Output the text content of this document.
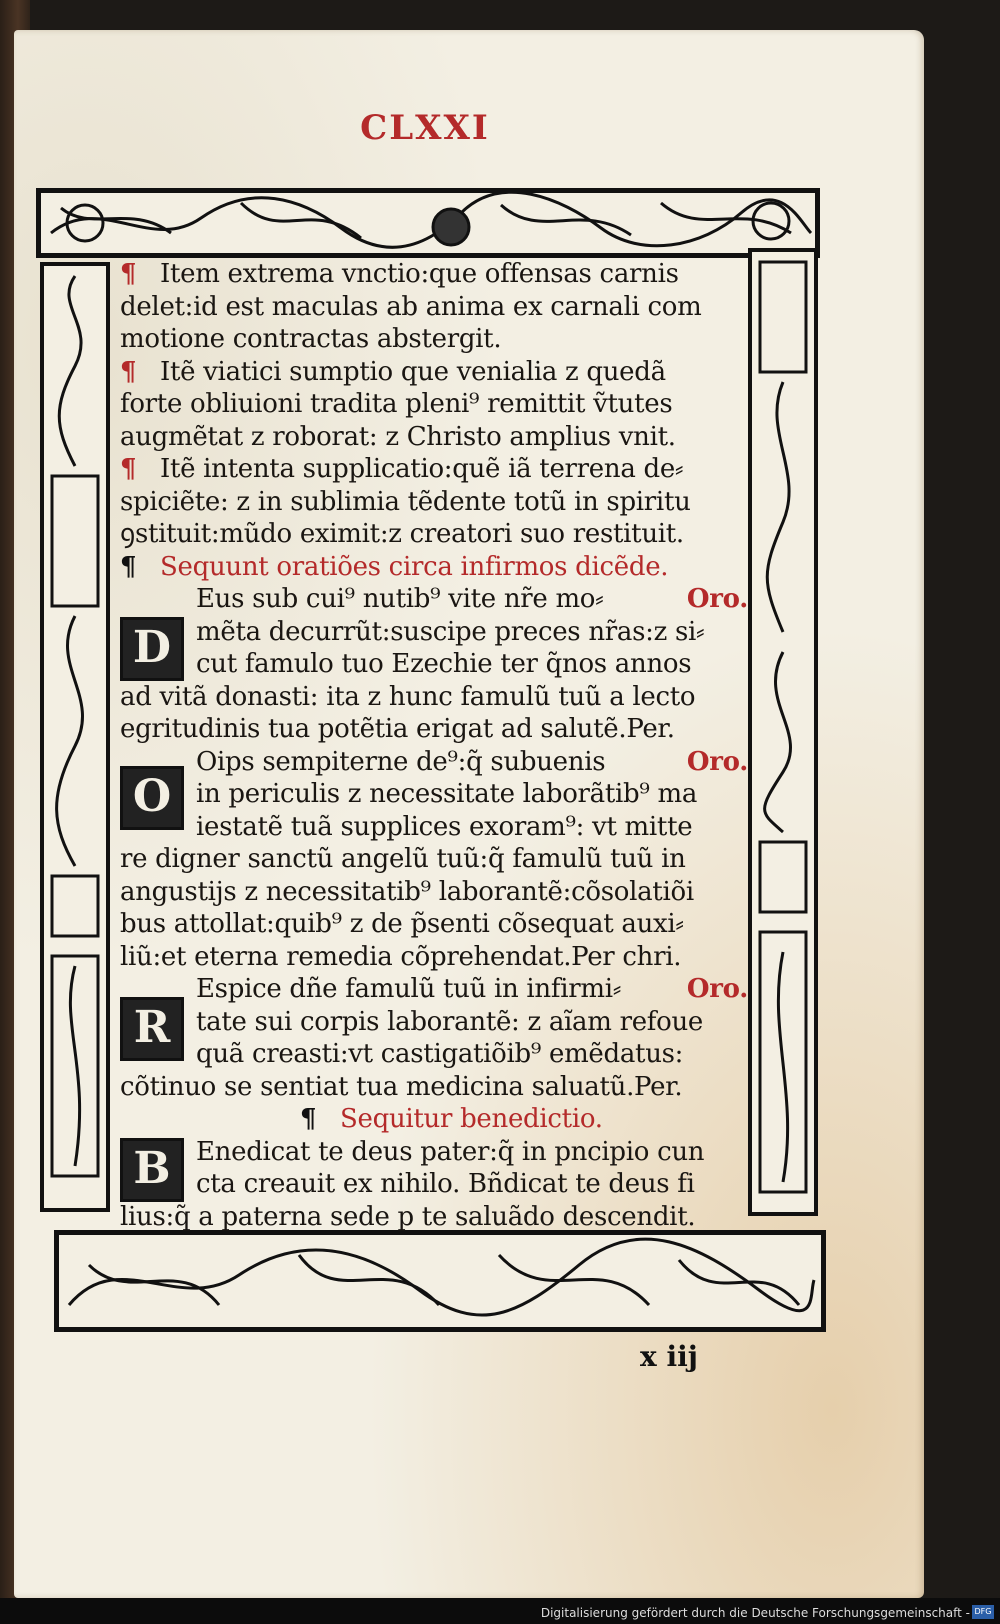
CLXXI
¶ Item extrema vnctio:que offensas carnis
delet:id est maculas ab anima ex carnali com
motione contractas abstergit.
¶ Itẽ viatici sumptio que venialia z quedã
forte obliuioni tradita pleni⁹ remittit ṽtutes
augmẽtat z roborat: z Christo amplius vnit.
¶ Itẽ intenta supplicatio:quẽ iã terrena de⸗
spiciẽte: z in sublimia tẽdente totũ in spiritu
ꝯstituit:mũdo eximit:z creatori suo restituit.
¶ Sequunt oratiões circa infirmos dicẽde.
D
Eus sub cui⁹ nutib⁹ vite nr̃e mo⸗	Oro.
mẽta decurrũt:suscipe preces nr̃as:z si⸗
cut famulo tuo Ezechie ter q̃nos annos
ad vitã donasti: ita z hunc famulũ tuũ a lecto
egritudinis tua potẽtia erigat ad salutẽ.Per.
O
Oips sempiterne de⁹:q̃ subuenis	Oro.
in periculis z necessitate laborãtib⁹ ma
iestatẽ tuã supplices exoram⁹: vt mitte
re digner sanctũ angelũ tuũ:q̃ famulũ tuũ in
angustijs z necessitatib⁹ laborantẽ:cõsolatiõi
bus attollat:quib⁹ z de p̃senti cõsequat auxi⸗
liũ:et eterna remedia cõprehendat.Per chri.
R
Espice dñe famulũ tuũ in infirmi⸗	Oro.
tate sui corpis laborantẽ: z aĩam refoue
quã creasti:vt castigatiõib⁹ emẽdatus:
cõtinuo se sentiat tua medicina saluatũ.Per.
¶ Sequitur benedictio.
B Enedicat te deus pater:q̃ in pncipio cun
cta creauit ex nihilo. Bñdicat te deus fi
lius:q̃ a paterna sede p te saluãdo descendit.
x iij
Digitalisierung gefördert durch die Deutsche Forschungsgemeinschaft - DFG
